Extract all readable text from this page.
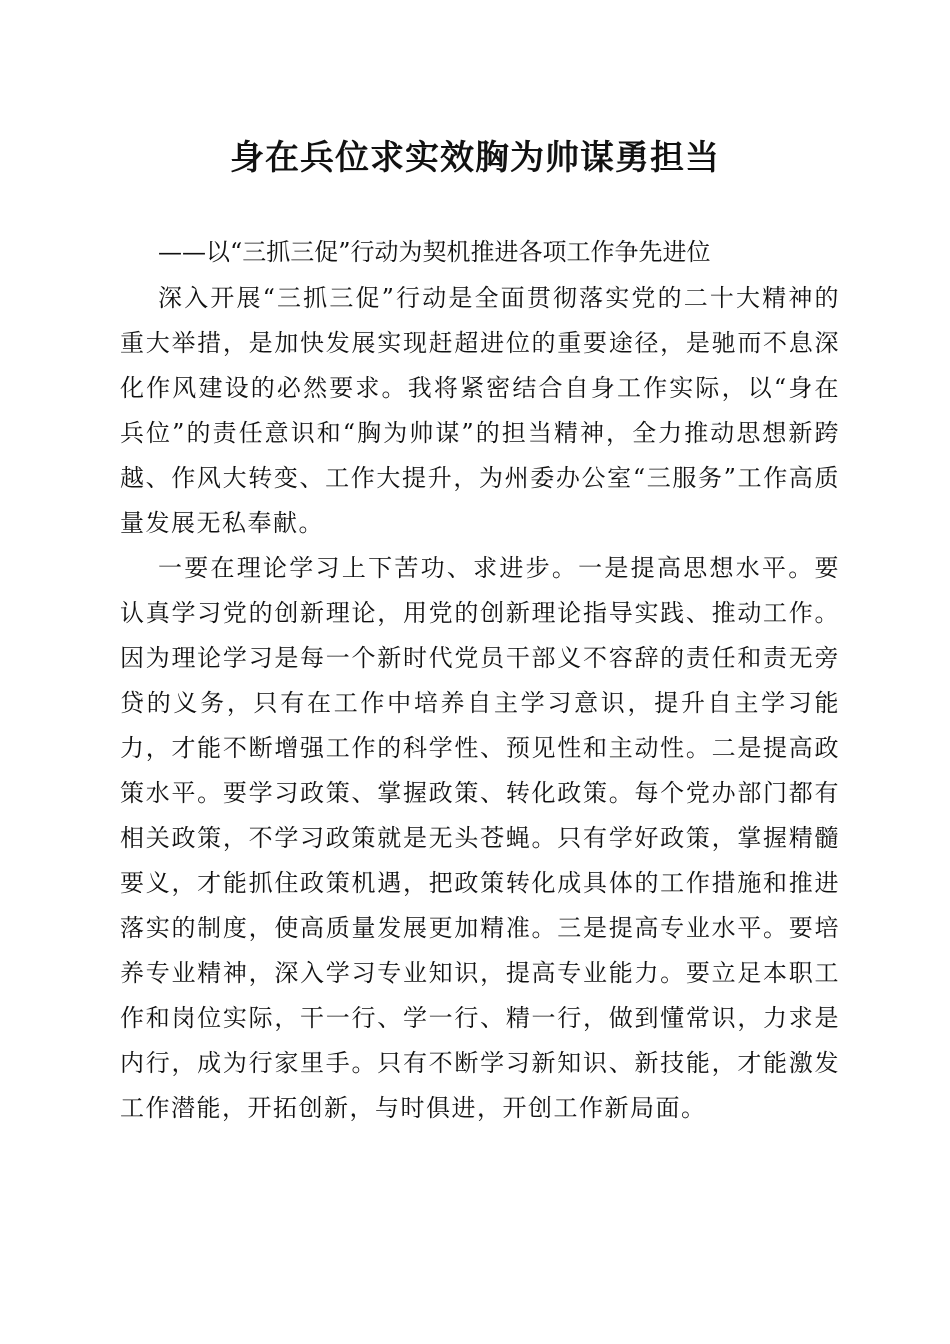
身在兵位求实效胸为帅谋勇担当
——以“三抓三促”行动为契机推进各项工作争先进位

深入开展“三抓三促”行动是全面贯彻落实党的二十大精神的重大举措，是加快发展实现赶超进位的重要途径，是驰而不息深化作风建设的必然要求。我将紧密结合自身工作实际，以“身在兵位”的责任意识和“胸为帅谋”的担当精神，全力推动思想新跨越、作风大转变、工作大提升，为州委办公室“三服务”工作高质量发展无私奉献。

一要在理论学习上下苦功、求进步。一是提高思想水平。要认真学习党的创新理论，用党的创新理论指导实践、推动工作。因为理论学习是每一个新时代党员干部义不容辞的责任和责无旁贷的义务，只有在工作中培养自主学习意识，提升自主学习能力，才能不断增强工作的科学性、预见性和主动性。二是提高政策水平。要学习政策、掌握政策、转化政策。每个党办部门都有相关政策，不学习政策就是无头苍蝇。只有学好政策，掌握精髓要义，才能抓住政策机遇，把政策转化成具体的工作措施和推进落实的制度，使高质量发展更加精准。三是提高专业水平。要培养专业精神，深入学习专业知识，提高专业能力。要立足本职工作和岗位实际，干一行、学一行、精一行，做到懂常识，力求是内行，成为行家里手。只有不断学习新知识、新技能，才能激发工作潜能，开拓创新，与时俱进，开创工作新局面。
